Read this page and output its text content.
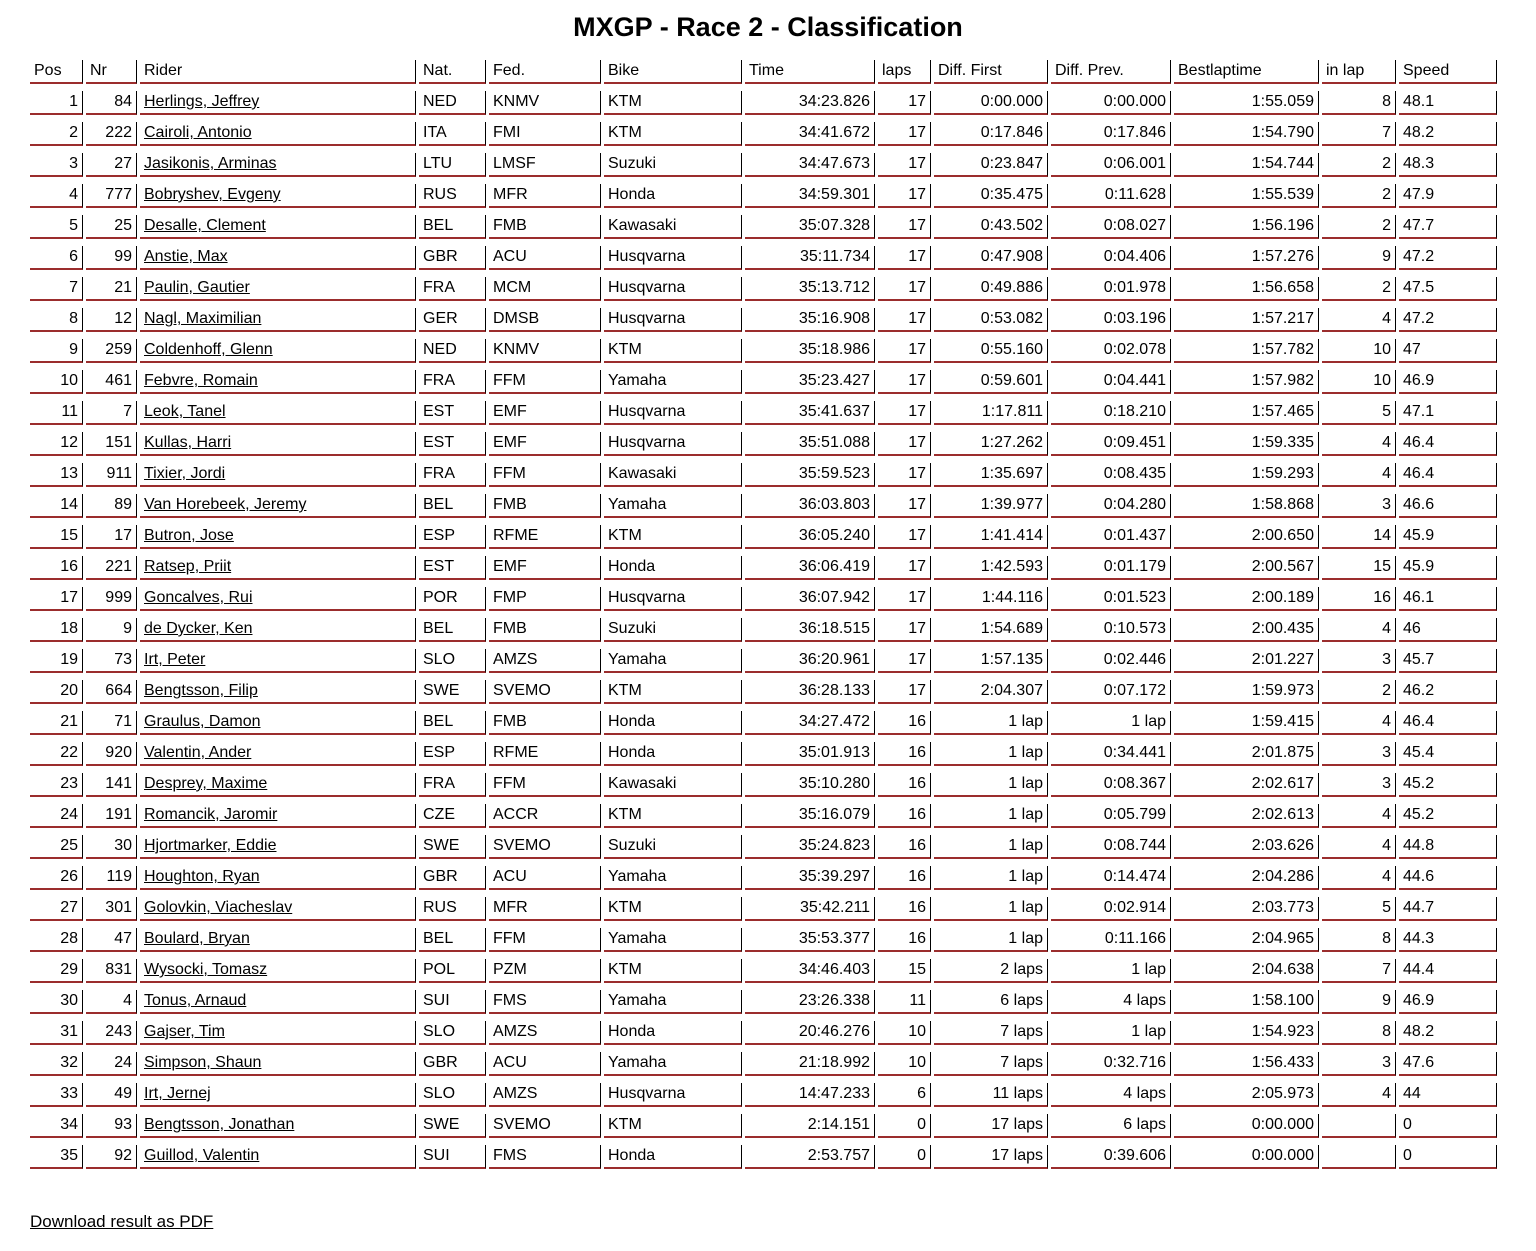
MXGP - Race 2 - Classification
Pos	Nr	Rider	Nat.	Fed.	Bike	Time	laps	Diff. First	Diff. Prev.	Bestlaptime	in lap	Speed
1	84	Herlings, Jeffrey	NED	KNMV	KTM	34:23.826	17	0:00.000	0:00.000	1:55.059	8	48.1
2	222	Cairoli, Antonio	ITA	FMI	KTM	34:41.672	17	0:17.846	0:17.846	1:54.790	7	48.2
3	27	Jasikonis, Arminas	LTU	LMSF	Suzuki	34:47.673	17	0:23.847	0:06.001	1:54.744	2	48.3
4	777	Bobryshev, Evgeny	RUS	MFR	Honda	34:59.301	17	0:35.475	0:11.628	1:55.539	2	47.9
5	25	Desalle, Clement	BEL	FMB	Kawasaki	35:07.328	17	0:43.502	0:08.027	1:56.196	2	47.7
6	99	Anstie, Max	GBR	ACU	Husqvarna	35:11.734	17	0:47.908	0:04.406	1:57.276	9	47.2
7	21	Paulin, Gautier	FRA	MCM	Husqvarna	35:13.712	17	0:49.886	0:01.978	1:56.658	2	47.5
8	12	Nagl, Maximilian	GER	DMSB	Husqvarna	35:16.908	17	0:53.082	0:03.196	1:57.217	4	47.2
9	259	Coldenhoff, Glenn	NED	KNMV	KTM	35:18.986	17	0:55.160	0:02.078	1:57.782	10	47
10	461	Febvre, Romain	FRA	FFM	Yamaha	35:23.427	17	0:59.601	0:04.441	1:57.982	10	46.9
11	7	Leok, Tanel	EST	EMF	Husqvarna	35:41.637	17	1:17.811	0:18.210	1:57.465	5	47.1
12	151	Kullas, Harri	EST	EMF	Husqvarna	35:51.088	17	1:27.262	0:09.451	1:59.335	4	46.4
13	911	Tixier, Jordi	FRA	FFM	Kawasaki	35:59.523	17	1:35.697	0:08.435	1:59.293	4	46.4
14	89	Van Horebeek, Jeremy	BEL	FMB	Yamaha	36:03.803	17	1:39.977	0:04.280	1:58.868	3	46.6
15	17	Butron, Jose	ESP	RFME	KTM	36:05.240	17	1:41.414	0:01.437	2:00.650	14	45.9
16	221	Ratsep, Priit	EST	EMF	Honda	36:06.419	17	1:42.593	0:01.179	2:00.567	15	45.9
17	999	Goncalves, Rui	POR	FMP	Husqvarna	36:07.942	17	1:44.116	0:01.523	2:00.189	16	46.1
18	9	de Dycker, Ken	BEL	FMB	Suzuki	36:18.515	17	1:54.689	0:10.573	2:00.435	4	46
19	73	Irt, Peter	SLO	AMZS	Yamaha	36:20.961	17	1:57.135	0:02.446	2:01.227	3	45.7
20	664	Bengtsson, Filip	SWE	SVEMO	KTM	36:28.133	17	2:04.307	0:07.172	1:59.973	2	46.2
21	71	Graulus, Damon	BEL	FMB	Honda	34:27.472	16	1 lap	1 lap	1:59.415	4	46.4
22	920	Valentin, Ander	ESP	RFME	Honda	35:01.913	16	1 lap	0:34.441	2:01.875	3	45.4
23	141	Desprey, Maxime	FRA	FFM	Kawasaki	35:10.280	16	1 lap	0:08.367	2:02.617	3	45.2
24	191	Romancik, Jaromir	CZE	ACCR	KTM	35:16.079	16	1 lap	0:05.799	2:02.613	4	45.2
25	30	Hjortmarker, Eddie	SWE	SVEMO	Suzuki	35:24.823	16	1 lap	0:08.744	2:03.626	4	44.8
26	119	Houghton, Ryan	GBR	ACU	Yamaha	35:39.297	16	1 lap	0:14.474	2:04.286	4	44.6
27	301	Golovkin, Viacheslav	RUS	MFR	KTM	35:42.211	16	1 lap	0:02.914	2:03.773	5	44.7
28	47	Boulard, Bryan	BEL	FFM	Yamaha	35:53.377	16	1 lap	0:11.166	2:04.965	8	44.3
29	831	Wysocki, Tomasz	POL	PZM	KTM	34:46.403	15	2 laps	1 lap	2:04.638	7	44.4
30	4	Tonus, Arnaud	SUI	FMS	Yamaha	23:26.338	11	6 laps	4 laps	1:58.100	9	46.9
31	243	Gajser, Tim	SLO	AMZS	Honda	20:46.276	10	7 laps	1 lap	1:54.923	8	48.2
32	24	Simpson, Shaun	GBR	ACU	Yamaha	21:18.992	10	7 laps	0:32.716	1:56.433	3	47.6
33	49	Irt, Jernej	SLO	AMZS	Husqvarna	14:47.233	6	11 laps	4 laps	2:05.973	4	44
34	93	Bengtsson, Jonathan	SWE	SVEMO	KTM	2:14.151	0	17 laps	6 laps	0:00.000		0
35	92	Guillod, Valentin	SUI	FMS	Honda	2:53.757	0	17 laps	0:39.606	0:00.000		0
Download result as PDF
